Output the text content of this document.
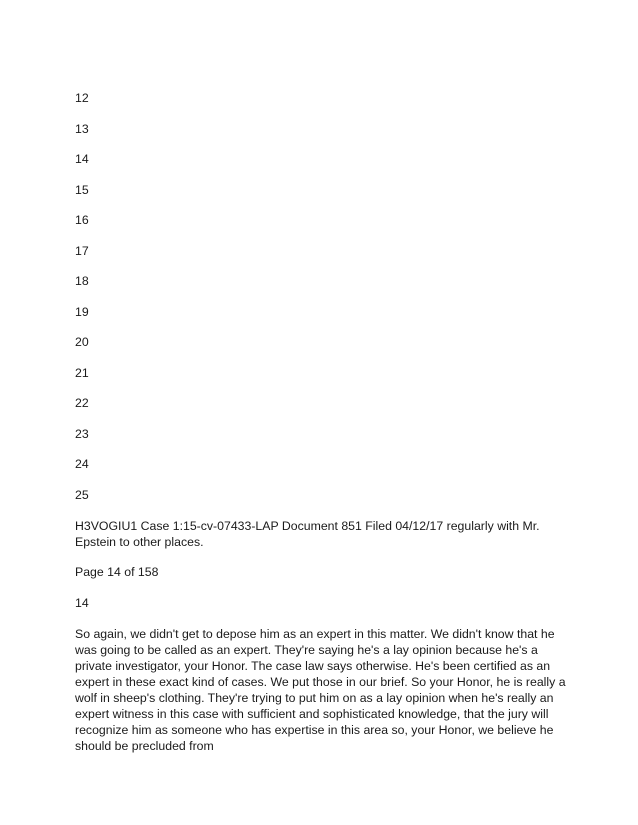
12

13

14

15

16

17

18

19

20

21

22

23

24

25

H3VOGIU1 Case 1:15-cv-07433-LAP Document 851 Filed 04/12/17 regularly with Mr. Epstein to other places.

Page 14 of 158

14

So again, we didn't get to depose him as an expert in this matter. We didn't know that he was going to be called as an expert. They're saying he's a lay opinion because he's a private investigator, your Honor. The case law says otherwise. He's been certified as an expert in these exact kind of cases. We put those in our brief. So your Honor, he is really a wolf in sheep's clothing. They're trying to put him on as a lay opinion when he's really an expert witness in this case with sufficient and sophisticated knowledge, that the jury will recognize him as someone who has expertise in this area so, your Honor, we believe he should be precluded from
